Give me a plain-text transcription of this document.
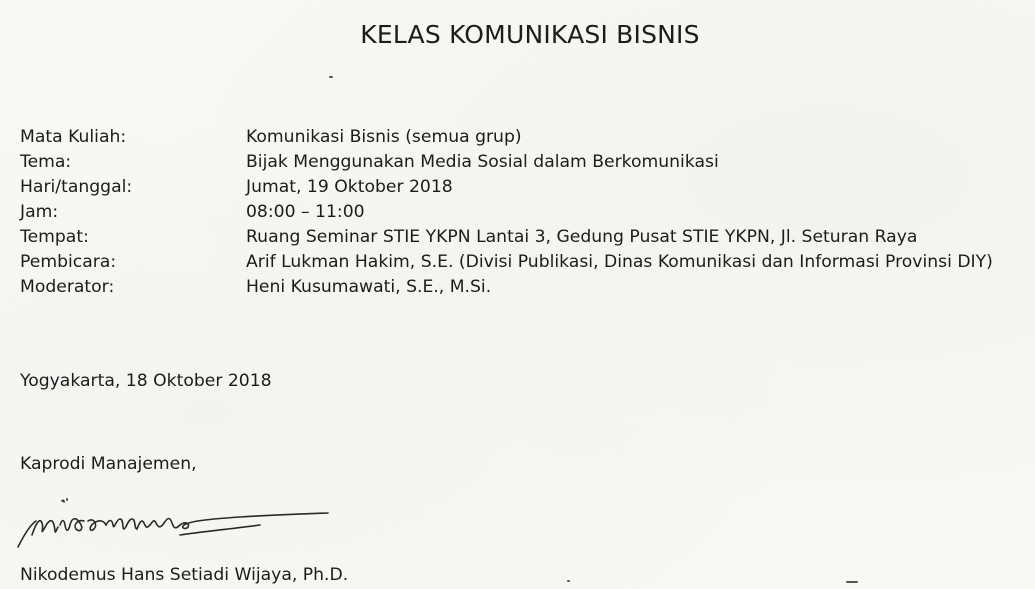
KELAS KOMUNIKASI BISNIS
Mata Kuliah:	Komunikasi Bisnis (semua grup)
Tema:	Bijak Menggunakan Media Sosial dalam Berkomunikasi
Hari/tanggal:	Jumat, 19 Oktober 2018
Jam:	08:00 – 11:00
Tempat:	Ruang Seminar STIE YKPN Lantai 3, Gedung Pusat STIE YKPN, Jl. Seturan Raya
Pembicara:	Arif Lukman Hakim, S.E. (Divisi Publikasi, Dinas Komunikasi dan Informasi Provinsi DIY)
Moderator:	Heni Kusumawati, S.E., M.Si.
Yogyakarta, 18 Oktober 2018
Kaprodi Manajemen,
Nikodemus Hans Setiadi Wijaya, Ph.D.
